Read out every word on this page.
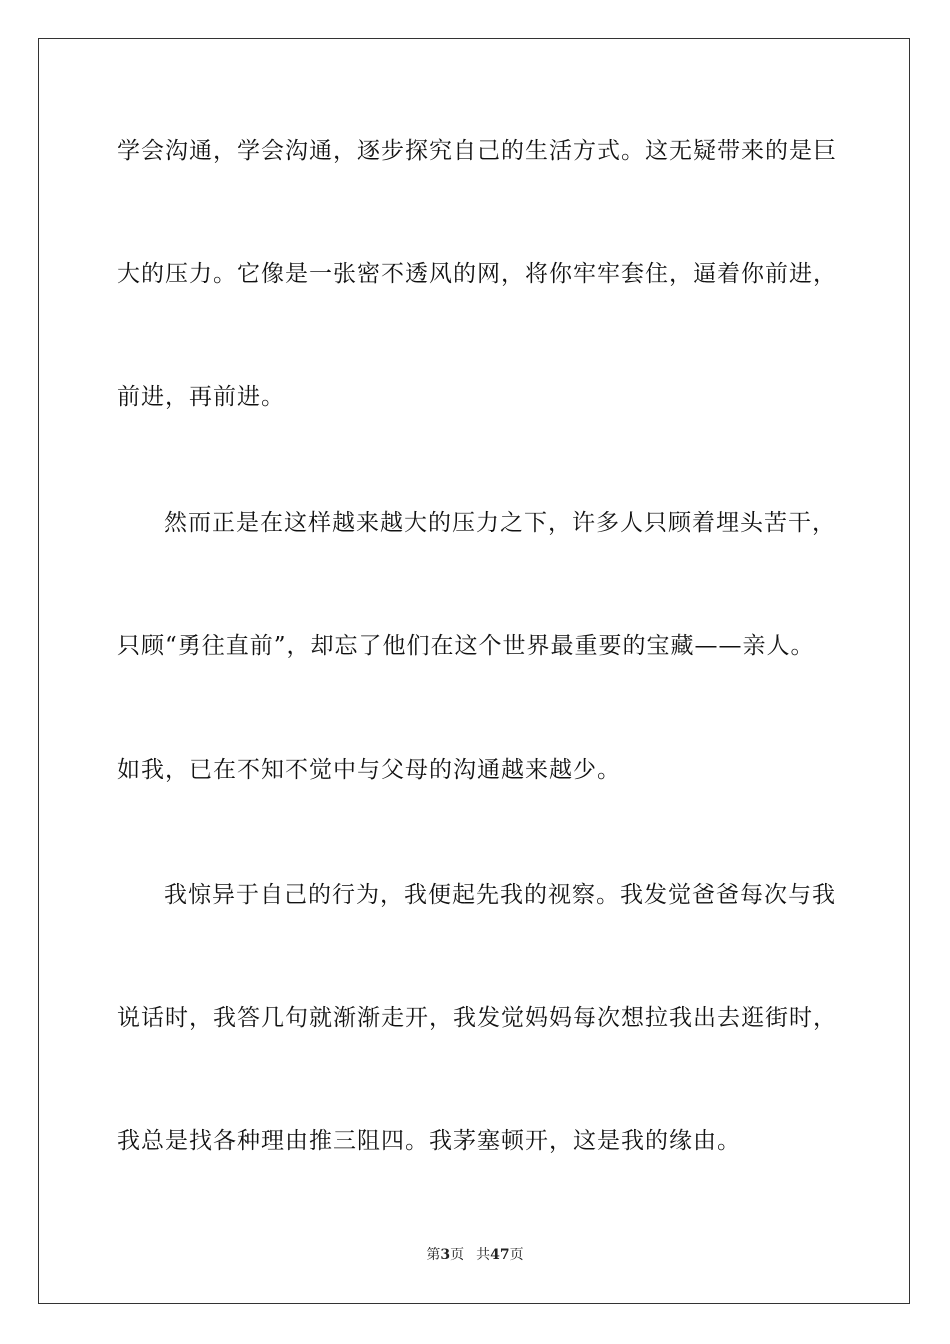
学会沟通，学会沟通，逐步探究自己的生活方式。这无疑带来的是巨
大的压力。它像是一张密不透风的网，将你牢牢套住，逼着你前进，
前进，再前进。
然而正是在这样越来越大的压力之下，许多人只顾着埋头苦干，
只顾“勇往直前”，却忘了他们在这个世界最重要的宝藏——亲人。
如我，已在不知不觉中与父母的沟通越来越少。
我惊异于自己的行为，我便起先我的视察。我发觉爸爸每次与我
说话时，我答几句就渐渐走开，我发觉妈妈每次想拉我出去逛街时，
我总是找各种理由推三阻四。我茅塞顿开，这是我的缘由。
第3页 共47页
